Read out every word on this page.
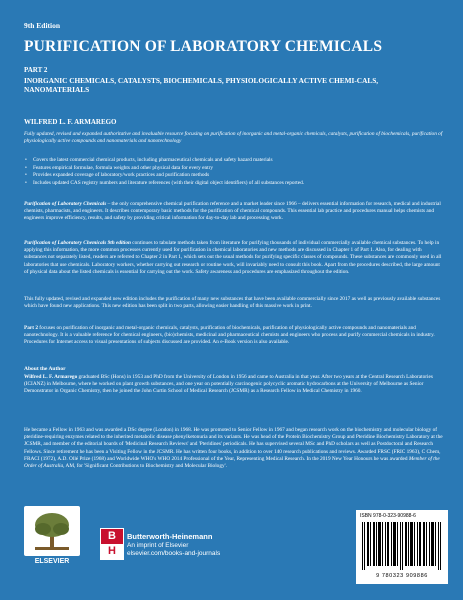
9th Edition
PURIFICATION OF LABORATORY CHEMICALS
PART 2
INORGANIC CHEMICALS, CATALYSTS, BIOCHEMICALS, PHYSIOLOGICALLY ACTIVE CHEMI-CALS, NANOMATERIALS
WILFRED L. F. ARMAREGO
Fully updated, revised and expanded authoritative and invaluable resource focusing on purification of inorganic and metal-organic chemicals, catalysts, purification of biochemicals, purification of physiologically active compounds and nanomaterials and nanotechnology
• Covers the latest commercial chemical products, including pharmaceutical chemicals and safety hazard materials
• Features empirical formulae, formula weights and other physical data for every entry
• Provides expanded coverage of laboratory/work practices and purification methods
• Includes updated CAS registry numbers and literature references (with their digital object identifiers) of all substances reported.

Purification of Laboratory Chemicals – the only comprehensive chemical purification reference and a market leader since 1966 – delivers essential information for research, medical and industrial chemists, pharmacists, and engineers. It describes contemporary basic methods for the purification of chemical compounds. This essential lab practice and procedures manual helps chemists and engineers improve efficiency, results, and safety by providing critical information for day-to-day lab and processing work.

Purification of Laboratory Chemicals 9th edition continues to tabulate methods taken from literature for purifying thousands of individual commercially available chemical substances. To help in applying this information, the more common processes currently used for purification in chemical laboratories and new methods are discussed in Chapter 1 of Part 1. Also, for dealing with substances not separately listed, readers are referred to Chapter 2 in Part 1, which sets out the usual methods for purifying specific classes of compounds. These substances are commonly used in all laboratories that use chemicals. Laboratory workers, whether carrying out research or routine work, will invariably need to consult this book. Apart from the procedures described, the large amount of physical data about the listed chemicals is essential for carrying out the work. Safety awareness and procedures are emphasized throughout the edition.

This fully updated, revised and expanded new edition includes the purification of many new substances that have been available commercially since 2017 as well as previously available substances which have found new applications. This new edition has been split in two parts, allowing easier handling of this massive work in print.

Part 2 focuses on purification of inorganic and metal-organic chemicals, catalysts, purification of biochemicals, purification of physiologically active compounds and nanomaterials and nanotechnology. It is a valuable reference for chemical engineers, (bio)chemists, medicinal and pharmaceutical chemists and engineers who process and purify commercial chemicals in industry. Procedures for Internet access to visual presentations of subjects discussed are provided. An e-Book version is also available.

About the Author

Wilfred L. F. Armarego graduated BSc (Hons) in 1953 and PhD from the University of London in 1956 and came to Australia in that year. After two years at the Central Research Laboratories (ICIANZ) in Melbourne, where he worked on plant growth substances, and one year on potentially carcinogenic polycyclic aromatic hydrocarbons at the University of Melbourne as Senior Demonstrator in Organic Chemistry, then he joined the John Curtin School of Medical Research (JCSMR) as a Research Fellow in Medical Chemistry in 1960.

He became a Fellow in 1963 and was awarded a DSc degree (London) in 1968. He was promoted to Senior Fellow in 1967 and began research work on the biochemistry and molecular biology of pteridine-requiring enzymes related to the inherited metabolic disease phenylketonuria and its variants. He was head of the Protein Biochemistry Group and Pteridine Biochemistry Laboratory at the JCSMR, and member of the editorial boards of 'Medicinal Research Reviews' and 'Pteridines' periodicals. He has supervised several MSc and PhD scholars as well as Postdoctoral and Research Fellows. Since retirement he has been a Visiting Fellow in the JCSMR. He has written four books, in addition to over 140 research publications and reviews. Awarded FRSC (FRIC 1963), C Chem, FRACI (1972), A.D. Ollé Prize (1968) and Worldwide WHO's WHO 2014 Professional of the Year, Representing Medical Research. In the 2019 New Year Honours he was awarded Member of the Order of Australia, AM, for 'Significant Contributions to Biochemistry and Molecular Biology'.

ELSEVIER
B
H
Butterworth-Heinemann
An imprint of Elsevier
elsevier.com/books-and-journals
ISBN 978-0-323-90988-6
9 780323 909886
